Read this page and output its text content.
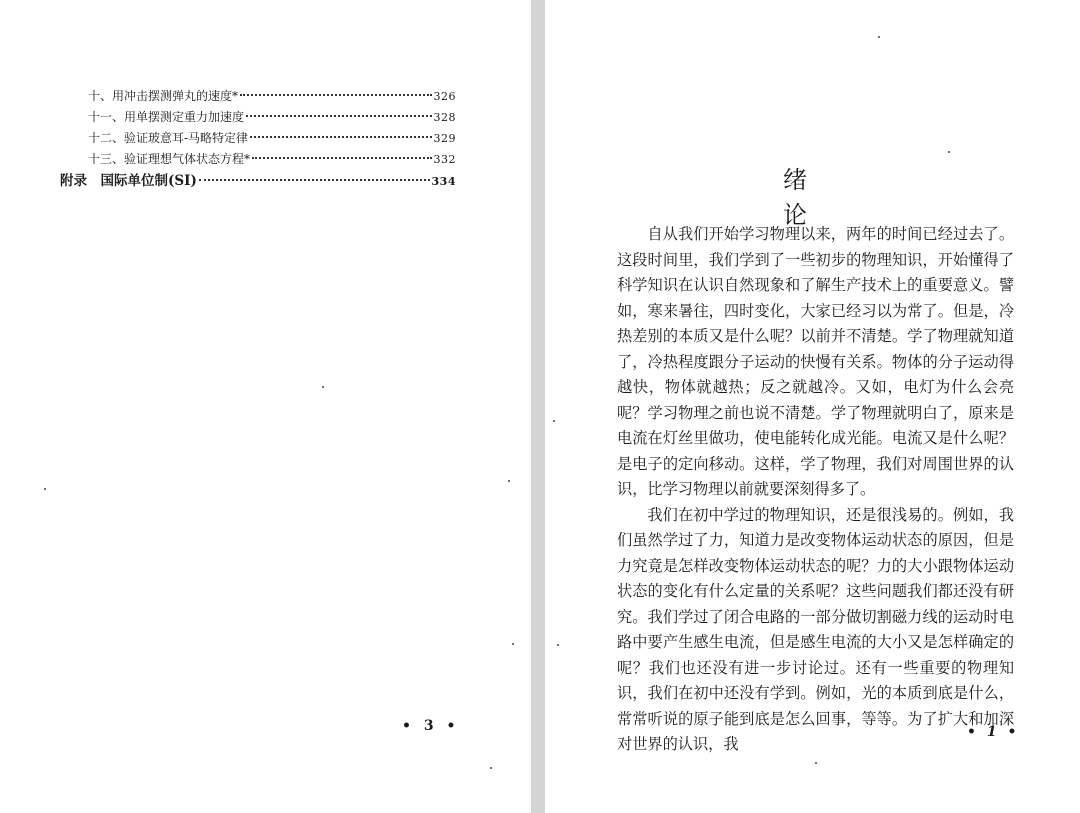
十、用冲击摆测弹丸的速度*	326
十一、用单摆测定重力加速度	328
十二、验证玻意耳-马略特定律	329
十三、验证理想气体状态方程*	332
附录　国际单位制(SI)	334
• 3 •
绪论

自从我们开始学习物理以来，两年的时间已经过去了。这段时间里，我们学到了一些初步的物理知识，开始懂得了科学知识在认识自然现象和了解生产技术上的重要意义。譬如，寒来暑往，四时变化，大家已经习以为常了。但是，冷热差别的本质又是什么呢？以前并不清楚。学了物理就知道了，冷热程度跟分子运动的快慢有关系。物体的分子运动得越快，物体就越热；反之就越冷。又如，电灯为什么会亮呢？学习物理之前也说不清楚。学了物理就明白了，原来是电流在灯丝里做功，使电能转化成光能。电流又是什么呢？是电子的定向移动。这样，学了物理，我们对周围世界的认识，比学习物理以前就要深刻得多了。

我们在初中学过的物理知识，还是很浅易的。例如，我们虽然学过了力，知道力是改变物体运动状态的原因，但是力究竟是怎样改变物体运动状态的呢？力的大小跟物体运动状态的变化有什么定量的关系呢？这些问题我们都还没有研究。我们学过了闭合电路的一部分做切割磁力线的运动时电路中要产生感生电流，但是感生电流的大小又是怎样确定的呢？我们也还没有进一步讨论过。还有一些重要的物理知识，我们在初中还没有学到。例如，光的本质到底是什么，常常听说的原子能到底是怎么回事，等等。为了扩大和加深对世界的认识，我

• 1 •
